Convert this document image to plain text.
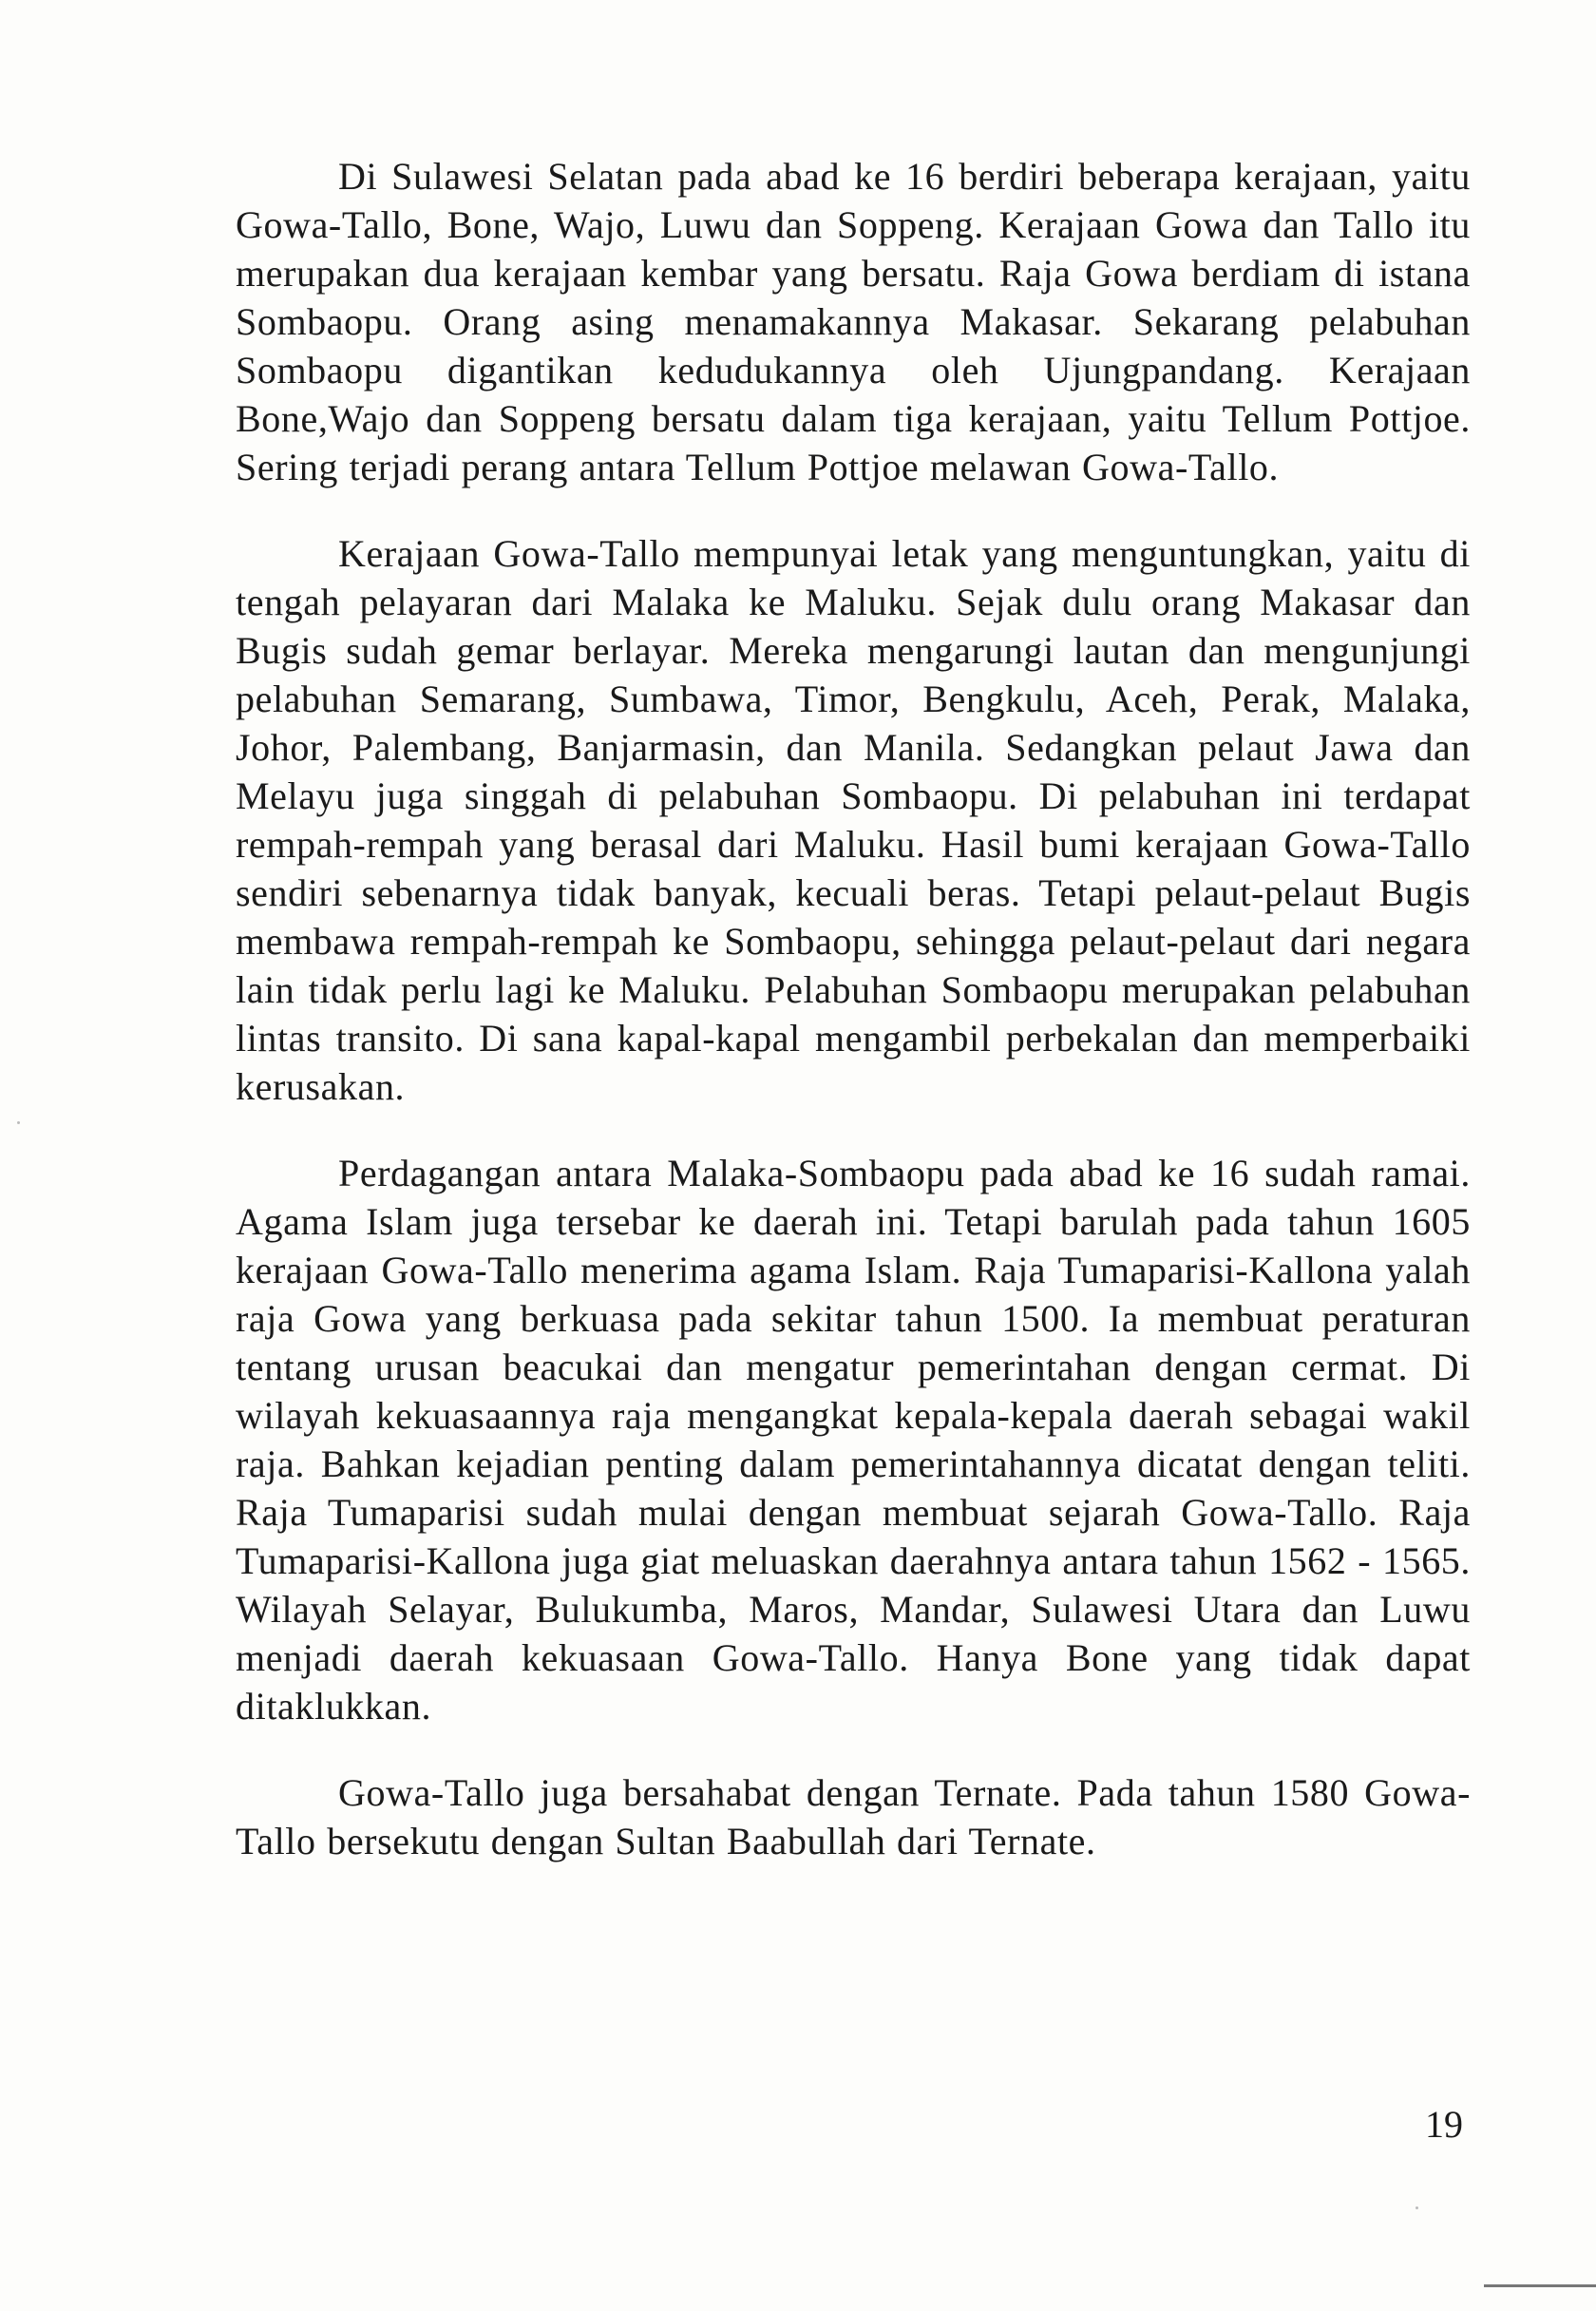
Di Sulawesi Selatan pada abad ke 16 berdiri beberapa kerajaan, yaitu Gowa-Tallo, Bone, Wajo, Luwu dan Soppeng. Kerajaan Gowa dan Tallo itu merupakan dua kerajaan kembar yang bersatu. Raja Gowa berdiam di istana Sombaopu. Orang asing menamakannya Makasar. Sekarang pelabuhan Sombaopu digantikan kedudukannya oleh Ujungpandang. Kerajaan Bone,Wajo dan Soppeng bersatu dalam tiga kerajaan, yaitu Tellum Pottjoe. Sering terjadi perang antara Tellum Pottjoe melawan Gowa-Tallo.

Kerajaan Gowa-Tallo mempunyai letak yang menguntungkan, yaitu di tengah pelayaran dari Malaka ke Maluku. Sejak dulu orang Makasar dan Bugis sudah gemar berlayar. Mereka mengarungi lautan dan mengunjungi pelabuhan Semarang, Sumbawa, Timor, Bengkulu, Aceh, Perak, Malaka, Johor, Palembang, Banjarmasin, dan Manila. Sedangkan pelaut Jawa dan Melayu juga singgah di pelabuhan Sombaopu. Di pelabuhan ini terdapat rempah-rempah yang berasal dari Maluku. Hasil bumi kerajaan Gowa-Tallo sendiri sebenarnya tidak banyak, kecuali beras. Tetapi pelaut-pelaut Bugis membawa rempah-rempah ke Sombaopu, sehingga pelaut-pelaut dari negara lain tidak perlu lagi ke Maluku. Pelabuhan Sombaopu merupakan pelabuhan lintas transito. Di sana kapal-kapal mengambil perbekalan dan memperbaiki kerusakan.

Perdagangan antara Malaka-Sombaopu pada abad ke 16 sudah ramai. Agama Islam juga tersebar ke daerah ini. Tetapi barulah pada tahun 1605 kerajaan Gowa-Tallo menerima agama Islam. Raja Tumaparisi-Kallona yalah raja Gowa yang berkuasa pada sekitar tahun 1500. Ia membuat peraturan tentang urusan beacukai dan mengatur pemerintahan dengan cermat. Di wilayah kekuasaannya raja mengangkat kepala-kepala daerah sebagai wakil raja. Bahkan kejadian penting dalam pemerintahannya dicatat dengan teliti. Raja Tumaparisi sudah mulai dengan membuat sejarah Gowa-Tallo. Raja Tumaparisi-Kallona juga giat meluaskan daerahnya antara tahun 1562 - 1565. Wilayah Selayar, Bulukumba, Maros, Mandar, Sulawesi Utara dan Luwu menjadi daerah kekuasaan Gowa-Tallo. Hanya Bone yang tidak dapat ditaklukkan.

Gowa-Tallo juga bersahabat dengan Ternate. Pada tahun 1580 Gowa-Tallo bersekutu dengan Sultan Baabullah dari Ternate.

19
